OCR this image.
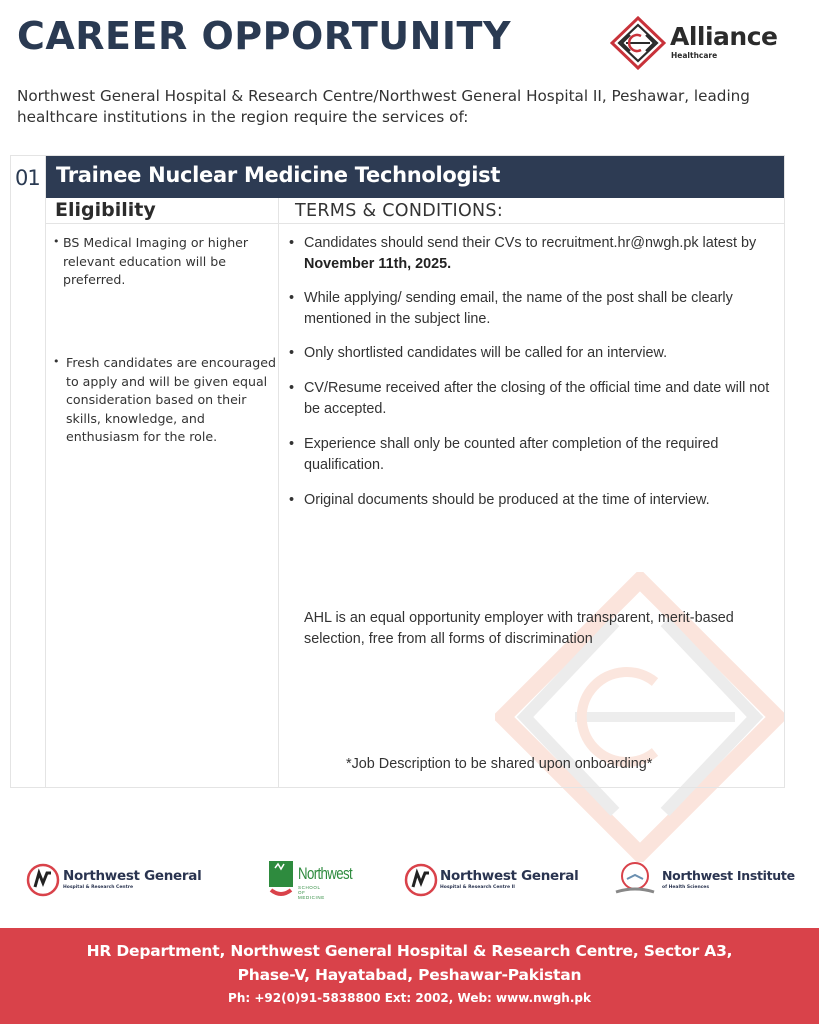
CAREER OPPORTUNITY	Alliance
Healthcare
Northwest General Hospital & Research Centre/Northwest General Hospital II, Peshawar, leading healthcare institutions in the region require the services of:
01 Trainee Nuclear Medicine Technologist
Eligibility	TERMS & CONDITIONS:
• BS Medical Imaging or higher relevant education will be preferred.
• Fresh candidates are encouraged to apply and will be given equal consideration based on their skills, knowledge, and enthusiasm for the role.
• Candidates should send their CVs to recruitment.hr@nwgh.pk latest by November 11th, 2025.
• While applying/ sending email, the name of the post shall be clearly mentioned in the subject line.
• Only shortlisted candidates will be called for an interview.
• CV/Resume received after the closing of the official time and date will not be accepted.
• Experience shall only be counted after completion of the required qualification.
• Original documents should be produced at the time of interview.
AHL is an equal opportunity employer with transparent, merit-based selection, free from all forms of discrimination
*Job Description to be shared upon onboarding*
Northwest General
Hospital & Research Centre
Northwest
SCHOOL OF MEDICINE
Northwest General
Hospital & Research Centre II
Northwest Institute
of Health Sciences
HR Department, Northwest General Hospital & Research Centre, Sector A3,
Phase-V, Hayatabad, Peshawar-Pakistan
Ph: +92(0)91-5838800 Ext: 2002, Web: www.nwgh.pk
